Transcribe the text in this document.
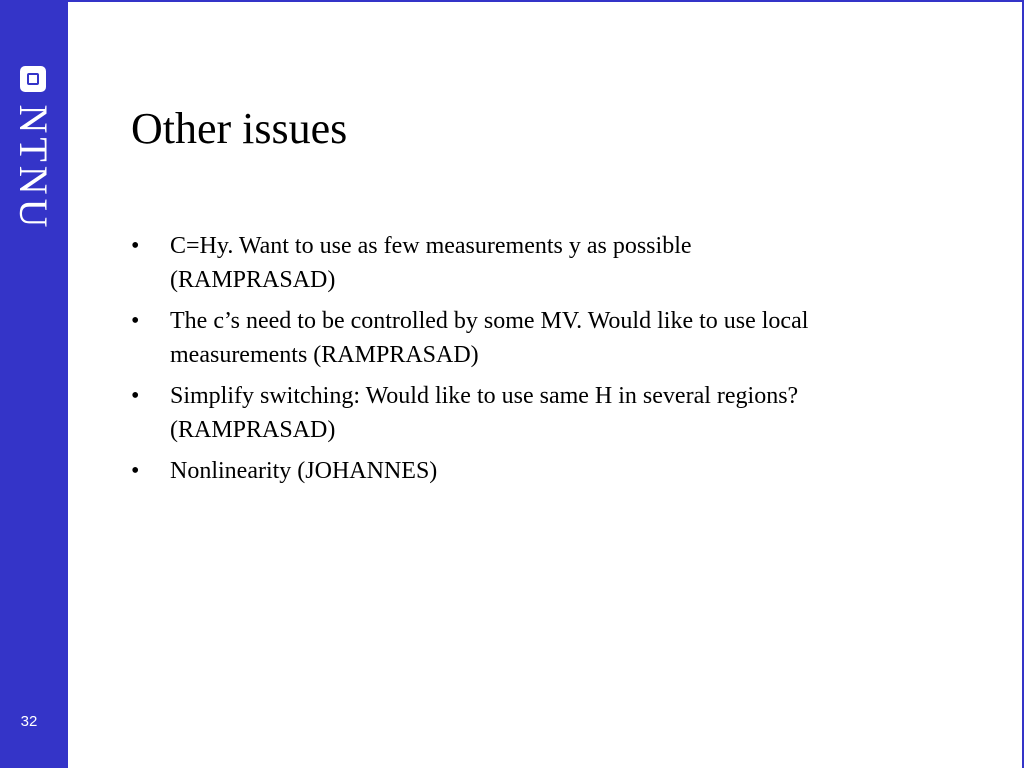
NTNU
32
Other issues
• C=Hy. Want to use as few measurements y as possible
(RAMPRASAD)
• The c’s need to be controlled by some MV. Would like to use local
measurements (RAMPRASAD)
• Simplify switching: Would like to use same H in several regions?
(RAMPRASAD)
• Nonlinearity (JOHANNES)
